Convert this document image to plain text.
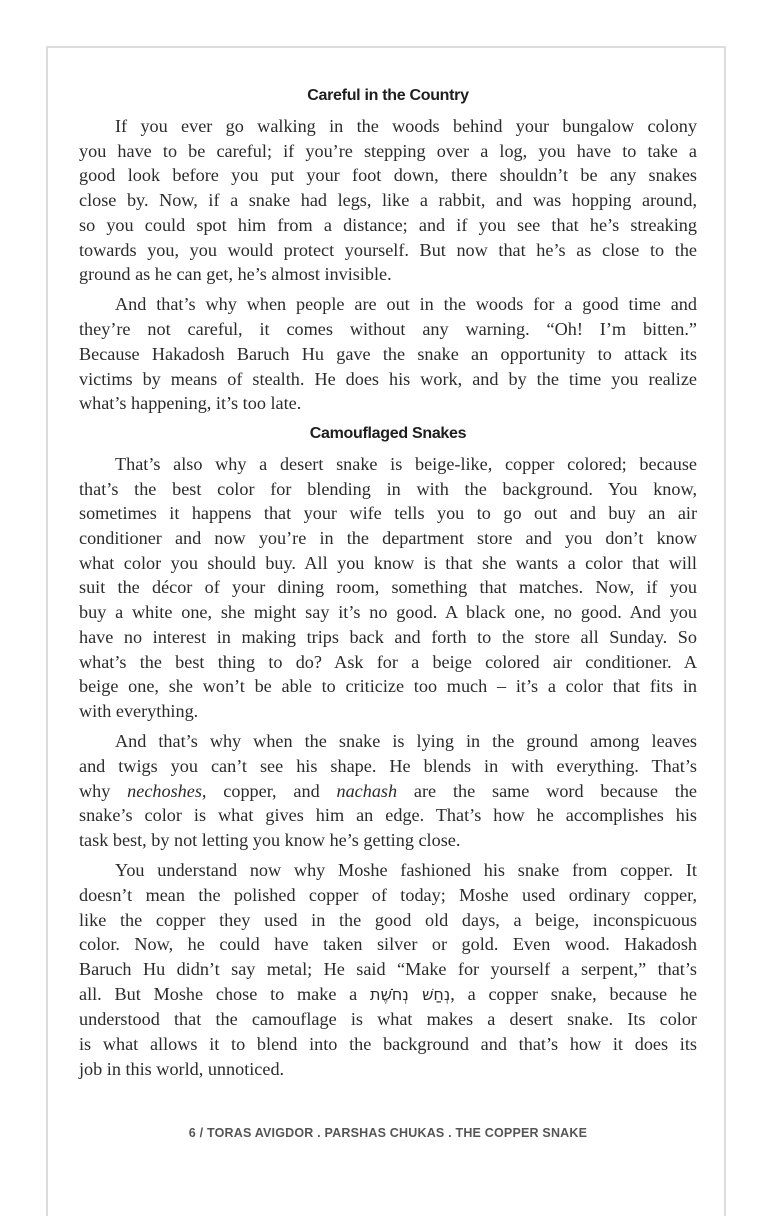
Careful in the Country
If you ever go walking in the woods behind your bungalow colony
you have to be careful; if you’re stepping over a log, you have to take a
good look before you put your foot down, there shouldn’t be any snakes
close by. Now, if a snake had legs, like a rabbit, and was hopping around,
so you could spot him from a distance; and if you see that he’s streaking
towards you, you would protect yourself. But now that he’s as close to the
ground as he can get, he’s almost invisible.
And that’s why when people are out in the woods for a good time and
they’re not careful, it comes without any warning. “Oh! I’m bitten.”
Because Hakadosh Baruch Hu gave the snake an opportunity to attack its
victims by means of stealth. He does his work, and by the time you realize
what’s happening, it’s too late.
Camouflaged Snakes
That’s also why a desert snake is beige-like, copper colored; because
that’s the best color for blending in with the background. You know,
sometimes it happens that your wife tells you to go out and buy an air
conditioner and now you’re in the department store and you don’t know
what color you should buy. All you know is that she wants a color that will
suit the décor of your dining room, something that matches. Now, if you
buy a white one, she might say it’s no good. A black one, no good. And you
have no interest in making trips back and forth to the store all Sunday. So
what’s the best thing to do? Ask for a beige colored air conditioner. A
beige one, she won’t be able to criticize too much – it’s a color that fits in
with everything.
And that’s why when the snake is lying in the ground among leaves
and twigs you can’t see his shape. He blends in with everything. That’s
why nechoshes, copper, and nachash are the same word because the
snake’s color is what gives him an edge. That’s how he accomplishes his
task best, by not letting you know he’s getting close.
You understand now why Moshe fashioned his snake from copper. It
doesn’t mean the polished copper of today; Moshe used ordinary copper,
like the copper they used in the good old days, a beige, inconspicuous
color. Now, he could have taken silver or gold. Even wood. Hakadosh
Baruch Hu didn’t say metal; He said “Make for yourself a serpent,” that’s
all. But Moshe chose to make a נְחַשׁ נְחֹשֶׁת, a copper snake, because he
understood that the camouflage is what makes a desert snake. Its color
is what allows it to blend into the background and that’s how it does its
job in this world, unnoticed.
6 / TORAS AVIGDOR . PARSHAS CHUKAS . THE COPPER SNAKE
